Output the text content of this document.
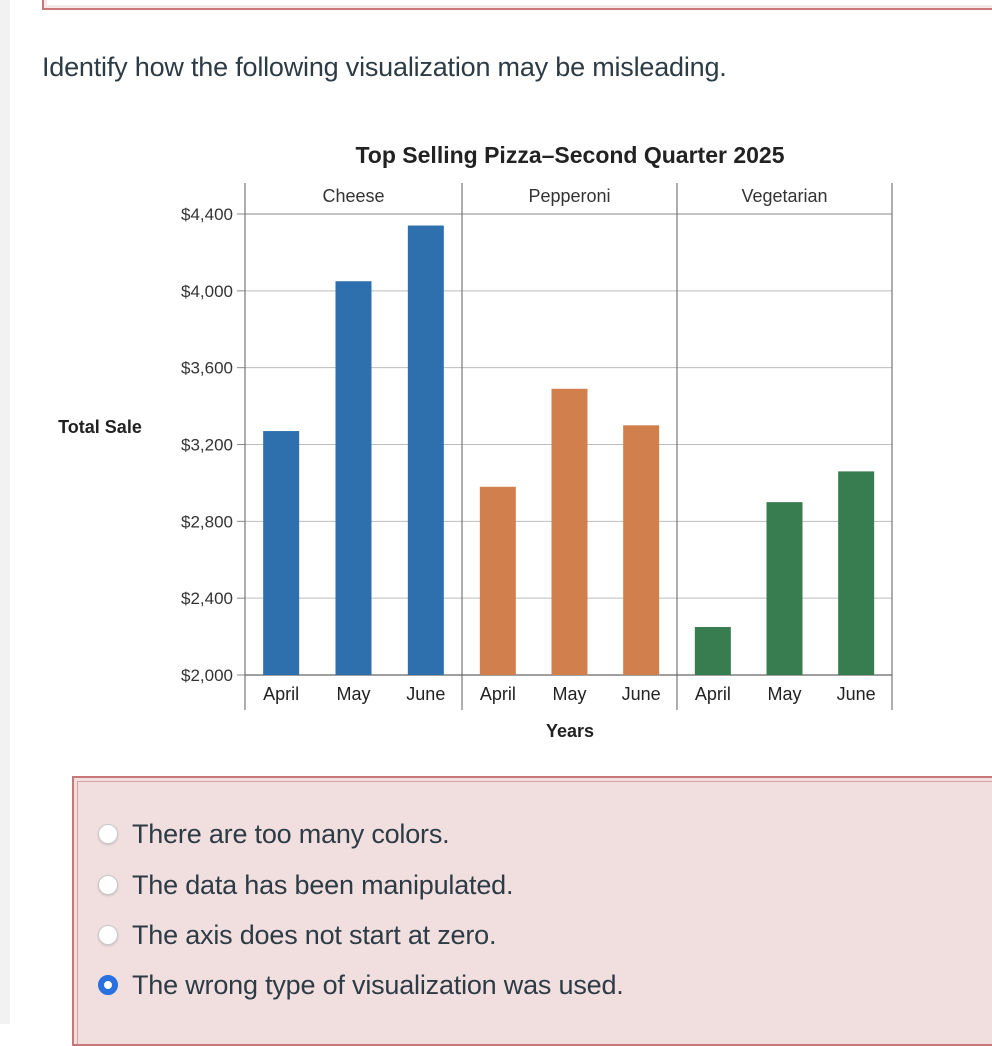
Identify how the following visualization may be misleading.
Top Selling Pizza–Second Quarter 2025
$2,000
$2,400
$2,800
$3,200
$3,600
$4,000
$4,400
Cheese
April May June
Pepperoni
April May June
Vegetarian
April May June
Total Sale
Years
There are too many colors.
The data has been manipulated.
The axis does not start at zero.
The wrong type of visualization was used.
